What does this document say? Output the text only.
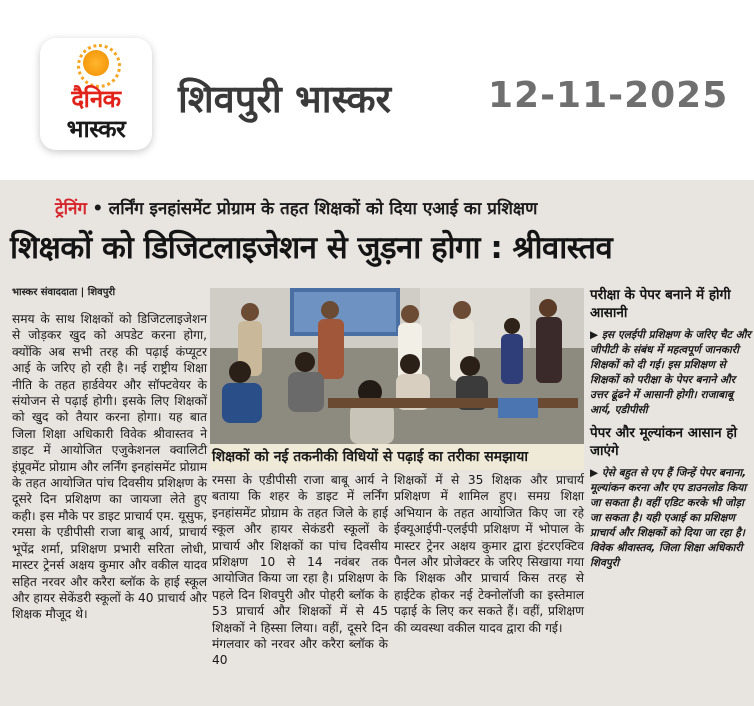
दैनिक
भास्कर
शिवपुरी भास्कर	12-11-2025
ट्रेनिंग • लर्निंग इनहांसमेंट प्रोग्राम के तहत शिक्षकों को दिया एआई का प्रशिक्षण
शिक्षकों को डिजिटलाइजेशन से जुड़ना होगा : श्रीवास्तव
भास्कर संवाददाता | शिवपुरी
समय के साथ शिक्षकों को डिजिटलाइजेशन से जोड़कर खुद को अपडेट करना होगा, क्योंकि अब सभी तरह की पढ़ाई कंप्यूटर आई के जरिए हो रही है। नई राष्ट्रीय शिक्षा नीति के तहत हार्डवेयर और सॉफ्टवेयर के संयोजन से पढ़ाई होगी। इसके लिए शिक्षकों को खुद को तैयार करना होगा। यह बात जिला शिक्षा अधिकारी विवेक श्रीवास्तव ने डाइट में आयोजित एजुकेशनल क्वालिटी इंप्रूवमेंट प्रोग्राम और लर्निंग इनहांसमेंट प्रोग्राम के तहत आयोजित पांच दिवसीय प्रशिक्षण के दूसरे दिन प्रशिक्षण का जायजा लेते हुए कही। इस मौके पर डाइट प्राचार्य एम. यूसुफ, रमसा के एडीपीसी राजा बाबू आर्य, प्राचार्य भूपेंद्र शर्मा, प्रशिक्षण प्रभारी सरिता लोधी, मास्टर ट्रेनर्स अक्षय कुमार और वकील यादव सहित नरवर और करैरा ब्लॉक के हाई स्कूल और हायर सेकेंडरी स्कूलों के 40 प्राचार्य और शिक्षक मौजूद थे।
शिक्षकों को नई तकनीकी विधियों से पढ़ाई का तरीका समझाया
रमसा के एडीपीसी राजा बाबू आर्य ने बताया कि शहर के डाइट में लर्निंग इनहांसमेंट प्रोग्राम के तहत जिले के हाई स्कूल और हायर सेकंडरी स्कूलों के प्राचार्य और शिक्षकों का पांच दिवसीय प्रशिक्षण 10 से 14 नवंबर तक आयोजित किया जा रहा है। प्रशिक्षण के पहले दिन शिवपुरी और पोहरी ब्लॉक के 53 प्राचार्य और शिक्षकों में से 45 शिक्षकों ने हिस्सा लिया। वहीं, दूसरे दिन मंगलवार को नरवर और करैरा ब्लॉक के 40
शिक्षकों में से 35 शिक्षक और प्राचार्य प्रशिक्षण में शामिल हुए। समग्र शिक्षा अभियान के तहत आयोजित किए जा रहे ईक्यूआईपी-एलईपी प्रशिक्षण में भोपाल के मास्टर ट्रेनर अक्षय कुमार द्वारा इंटरएक्टिव पैनल और प्रोजेक्टर के जरिए सिखाया गया कि शिक्षक और प्राचार्य किस तरह से हाईटेक होकर नई टेक्नोलॉजी का इस्तेमाल पढ़ाई के लिए कर सकते हैं। वहीं, प्रशिक्षण की व्यवस्था वकील यादव द्वारा की गई।
परीक्षा के पेपर बनाने में होगी आसानी
▶ इस एलईपी प्रशिक्षण के जरिए चैट और जीपीटी के संबंध में महत्वपूर्ण जानकारी शिक्षकों को दी गई। इस प्रशिक्षण से शिक्षकों को परीक्षा के पेपर बनाने और उत्तर ढूंढने में आसानी होगी। राजाबाबू आर्य, एडीपीसी
पेपर और मूल्यांकन आसान हो जाएंगे
▶ ऐसे बहुत से एप हैं जिन्हें पेपर बनाना, मूल्यांकन करना और एप डाउनलोड किया जा सकता है। वहीं एडिट करके भी जोड़ा जा सकता है। यही एआई का प्रशिक्षण प्राचार्य और शिक्षकों को दिया जा रहा है। विवेक श्रीवास्तव, जिला शिक्षा अधिकारी शिवपुरी
